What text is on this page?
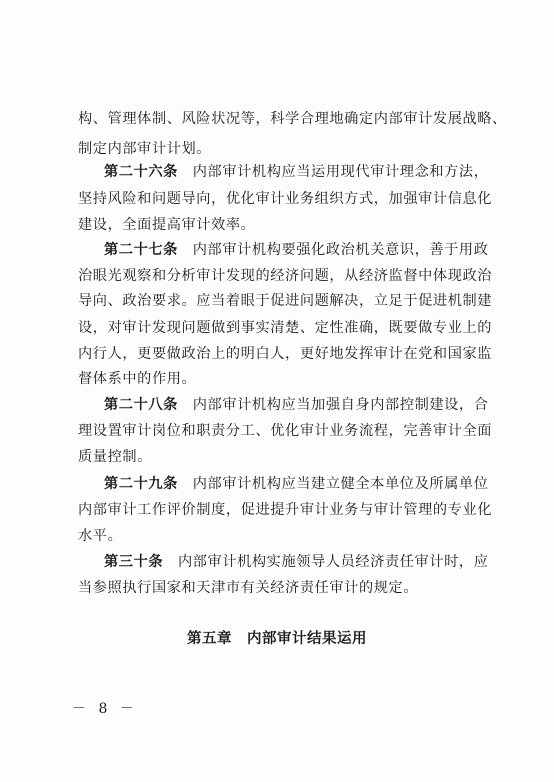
构、管理体制、风险状况等，科学合理地确定内部审计发展战略、
制定内部审计计划。
第二十六条　 内部审计机构应当运用现代审计理念和方法，
坚持风险和问题导向，优化审计业务组织方式，加强审计信息化
建设，全面提高审计效率。
第二十七条　 内部审计机构要强化政治机关意识，善于用政
治眼光观察和分析审计发现的经济问题，从经济监督中体现政治
导向、政治要求。应当着眼于促进问题解决，立足于促进机制建
设，对审计发现问题做到事实清楚、定性准确，既要做专业上的
内行人，更要做政治上的明白人，更好地发挥审计在党和国家监
督体系中的作用。
第二十八条　 内部审计机构应当加强自身内部控制建设，合
理设置审计岗位和职责分工、优化审计业务流程，完善审计全面
质量控制。
第二十九条　 内部审计机构应当建立健全本单位及所属单位
内部审计工作评价制度，促进提升审计业务与审计管理的专业化
水平。
第三十条　 内部审计机构实施领导人员经济责任审计时，应
当参照执行国家和天津市有关经济责任审计的规定。
第五章　内部审计结果运用
－ 8 －
